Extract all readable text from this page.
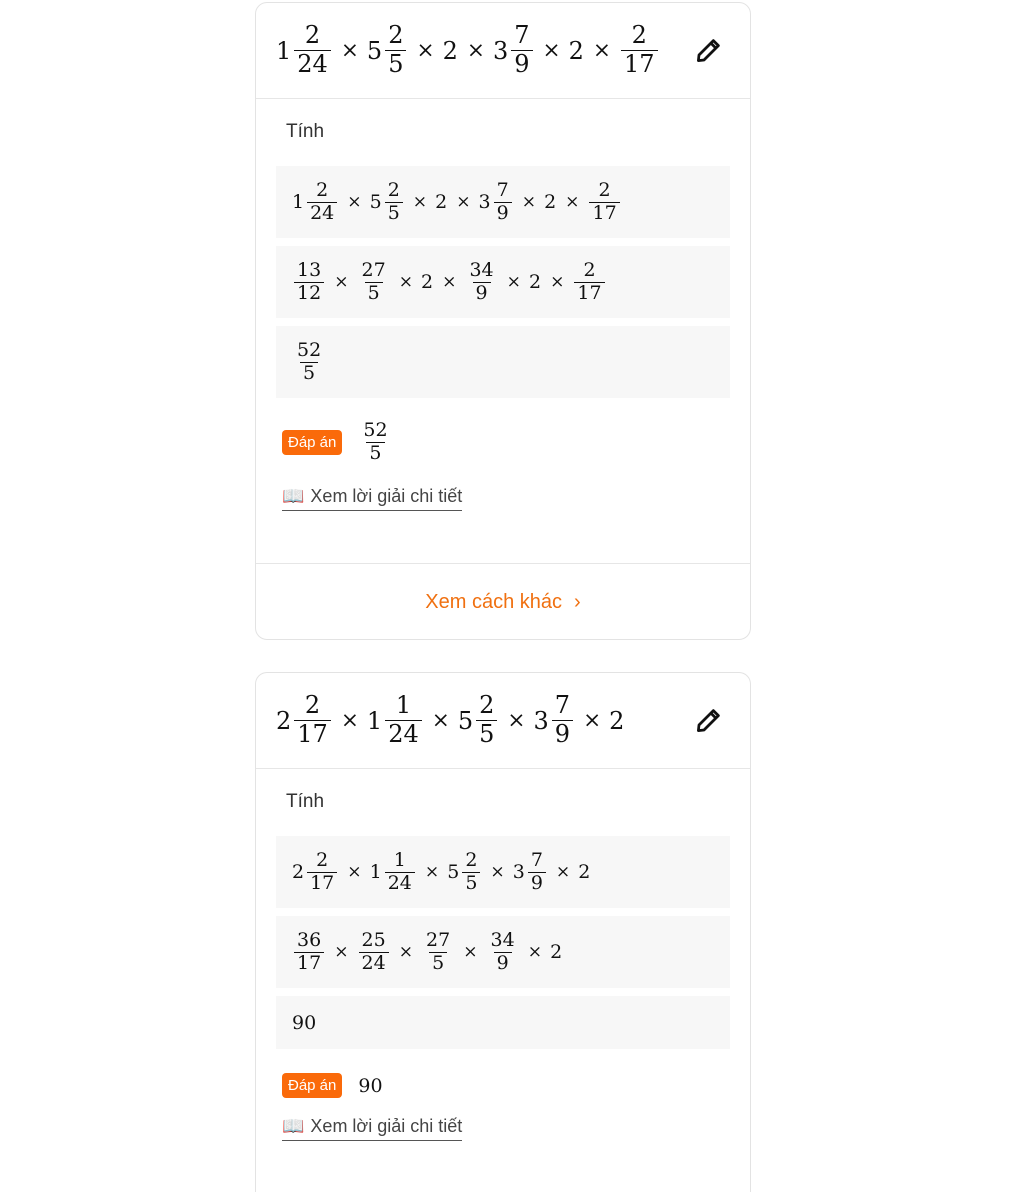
$1 \frac{2}{24} \times 5 \frac{2}{5} \times 2 \times 3 \frac{7}{9} \times 2 \times \frac{2}{17}$
Tính
$1 \frac{2}{24} \times 5 \frac{2}{5} \times 2 \times 3 \frac{7}{9} \times 2 \times \frac{2}{17}$
$\frac{13}{12} \times \frac{27}{5} \times 2 \times \frac{34}{9} \times 2 \times \frac{2}{17}$
$\frac{52}{5}$
Đáp án	$\frac{52}{5}$
📖 Xem lời giải chi tiết
Xem cách khác ›
$2 \frac{2}{17} \times 1 \frac{1}{24} \times 5 \frac{2}{5} \times 3 \frac{7}{9} \times 2$
Tính
$2 \frac{2}{17} \times 1 \frac{1}{24} \times 5 \frac{2}{5} \times 3 \frac{7}{9} \times 2$
$\frac{36}{17} \times \frac{25}{24} \times \frac{27}{5} \times \frac{34}{9} \times 2$
90
Đáp án	90
📖 Xem lời giải chi tiết
